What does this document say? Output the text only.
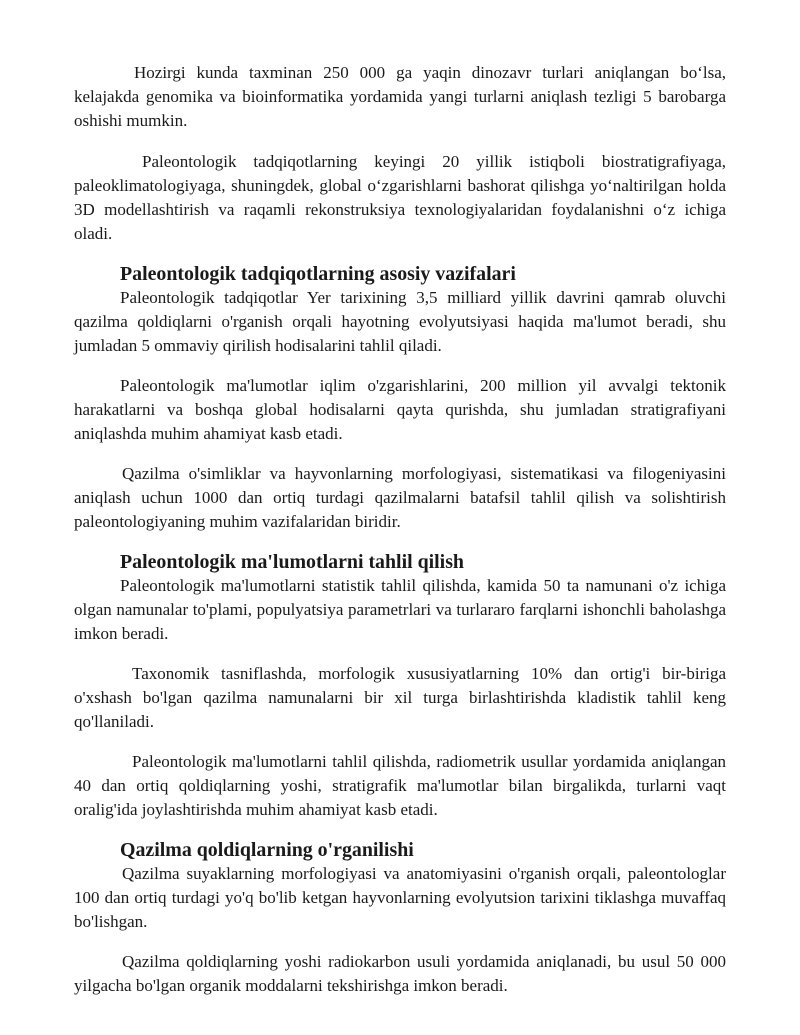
Hozirgi kunda taxminan 250 000 ga yaqin dinozavr turlari aniqlangan bo‘lsa, kelajakda genomika va bioinformatika yordamida yangi turlarni aniqlash tezligi 5 barobarga oshishi mumkin.

Paleontologik tadqiqotlarning keyingi 20 yillik istiqboli biostratigrafiyaga, paleoklimatologiyaga, shuningdek, global o‘zgarishlarni bashorat qilishga yo‘naltirilgan holda 3D modellashtirish va raqamli rekonstruksiya texnologiyalaridan foydalanishni o‘z ichiga oladi.

Paleontologik tadqiqotlarning asosiy vazifalari

Paleontologik tadqiqotlar Yer tarixining 3,5 milliard yillik davrini qamrab oluvchi qazilma qoldiqlarni o'rganish orqali hayotning evolyutsiyasi haqida ma'lumot beradi, shu jumladan 5 ommaviy qirilish hodisalarini tahlil qiladi.

Paleontologik ma'lumotlar iqlim o'zgarishlarini, 200 million yil avvalgi tektonik harakatlarni va boshqa global hodisalarni qayta qurishda, shu jumladan stratigrafiyani aniqlashda muhim ahamiyat kasb etadi.

Qazilma o'simliklar va hayvonlarning morfologiyasi, sistematikasi va filogeniyasini aniqlash uchun 1000 dan ortiq turdagi qazilmalarni batafsil tahlil qilish va solishtirish paleontologiyaning muhim vazifalaridan biridir.

Paleontologik ma'lumotlarni tahlil qilish

Paleontologik ma'lumotlarni statistik tahlil qilishda, kamida 50 ta namunani o'z ichiga olgan namunalar to'plami, populyatsiya parametrlari va turlararo farqlarni ishonchli baholashga imkon beradi.

Taxonomik tasniflashda, morfologik xususiyatlarning 10% dan ortig'i bir-biriga o'xshash bo'lgan qazilma namunalarni bir xil turga birlashtirishda kladistik tahlil keng qo'llaniladi.

Paleontologik ma'lumotlarni tahlil qilishda, radiometrik usullar yordamida aniqlangan 40 dan ortiq qoldiqlarning yoshi, stratigrafik ma'lumotlar bilan birgalikda, turlarni vaqt oralig'ida joylashtirishda muhim ahamiyat kasb etadi.

Qazilma qoldiqlarning o'rganilishi

Qazilma suyaklarning morfologiyasi va anatomiyasini o'rganish orqali, paleontologlar 100 dan ortiq turdagi yo'q bo'lib ketgan hayvonlarning evolyutsion tarixini tiklashga muvaffaq bo'lishgan.

Qazilma qoldiqlarning yoshi radiokarbon usuli yordamida aniqlanadi, bu usul 50 000 yilgacha bo'lgan organik moddalarni tekshirishga imkon beradi.
